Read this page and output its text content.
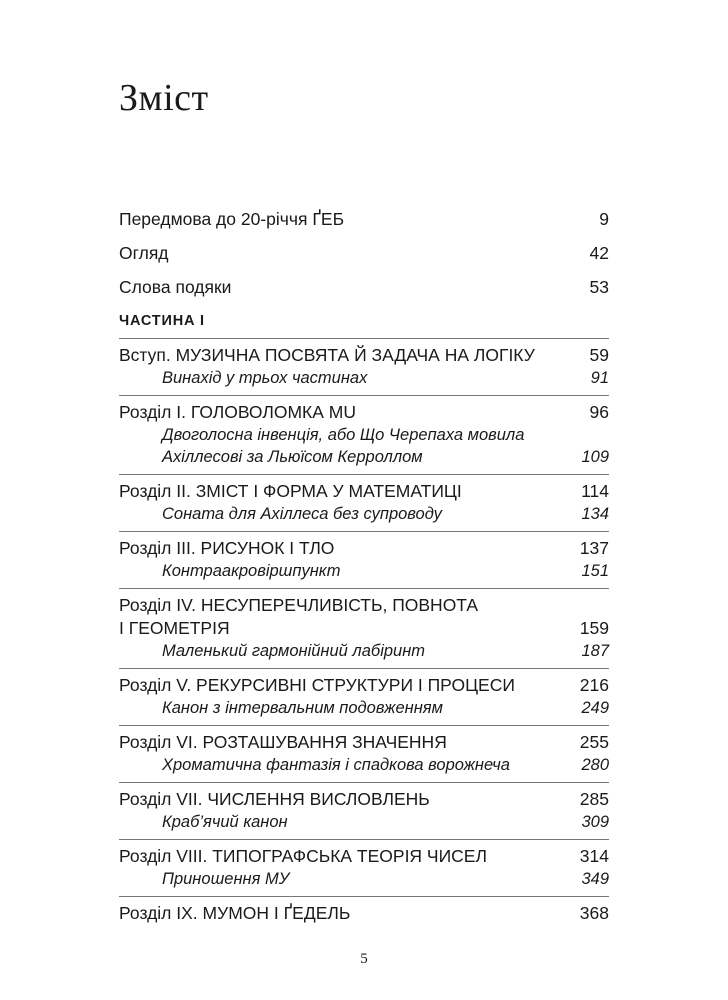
Зміст
Передмова до 20-річчя ҐЕБ	9
Огляд	42
Слова подяки	53
ЧАСТИНА I
Вступ. МУЗИЧНА ПОСВЯТА Й ЗАДАЧА НА ЛОГІКУ	59
Винахід у трьох частинах	91
Розділ I. ГОЛОВОЛОМКА MU	96
Двоголосна інвенція, або Що Черепаха мовила
Ахіллесові за Льюїсом Керроллом	109
Розділ II. ЗМІСТ І ФОРМА У МАТЕМАТИЦІ	114
Соната для Ахіллеса без супроводу	134
Розділ III. РИСУНОК І ТЛО	137
Контраакровіршпункт	151
Розділ IV. НЕСУПЕРЕЧЛИВІСТЬ, ПОВНОТА
І ГЕОМЕТРІЯ	159
Маленький гармонійний лабіринт	187
Розділ V. РЕКУРСИВНІ СТРУКТУРИ І ПРОЦЕСИ	216
Канон з інтервальним подовженням	249
Розділ VI. РОЗТАШУВАННЯ ЗНАЧЕННЯ	255
Хроматична фантазія і спадкова ворожнеча	280
Розділ VII. ЧИСЛЕННЯ ВИСЛОВЛЕНЬ	285
Краб’ячий канон	309
Розділ VIII. ТИПОГРАФСЬКА ТЕОРІЯ ЧИСЕЛ	314
Приношення МУ	349
Розділ IX. МУМОН І ҐЕДЕЛЬ	368
5
